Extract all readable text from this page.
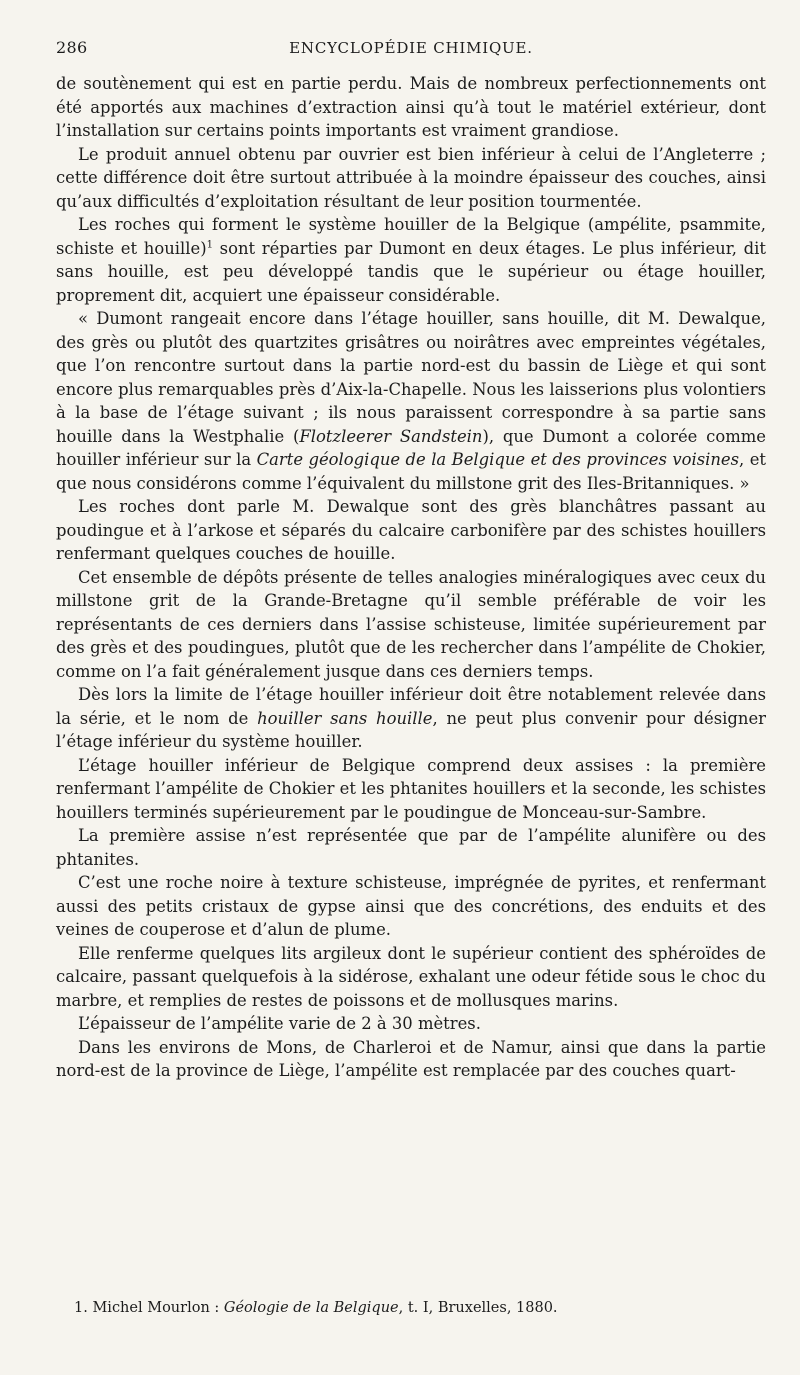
286	ENCYCLOPÉDIE CHIMIQUE.

de soutènement qui est en partie perdu. Mais de nombreux perfectionnements ont été apportés aux machines d’extraction ainsi qu’à tout le matériel extérieur, dont l’installation sur certains points importants est vraiment grandiose.

Le produit annuel obtenu par ouvrier est bien inférieur à celui de l’Angleterre ; cette différence doit être surtout attribuée à la moindre épaisseur des couches, ainsi qu’aux difficultés d’exploitation résultant de leur position tourmentée.

Les roches qui forment le système houiller de la Belgique (ampélite, psammite, schiste et houille)$^1$ sont réparties par Dumont en deux étages. Le plus inférieur, dit sans houille, est peu développé tandis que le supérieur ou étage houiller, proprement dit, acquiert une épaisseur considérable.

« Dumont rangeait encore dans l’étage houiller, sans houille, dit M. Dewalque, des grès ou plutôt des quartzites grisâtres ou noirâtres avec empreintes végétales, que l’on rencontre surtout dans la partie nord-est du bassin de Liège et qui sont encore plus remarquables près d’Aix-la-Chapelle. Nous les laisserions plus volontiers à la base de l’étage suivant ; ils nous paraissent correspondre à sa partie sans houille dans la Westphalie (Flotzleerer Sandstein), que Dumont a colorée comme houiller inférieur sur la Carte géologique de la Belgique et des provinces voisines, et que nous considérons comme l’équivalent du millstone grit des Iles-Britanniques. »

Les roches dont parle M. Dewalque sont des grès blanchâtres passant au poudingue et à l’arkose et séparés du calcaire carbonifère par des schistes houillers renfermant quelques couches de houille.

Cet ensemble de dépôts présente de telles analogies minéralogiques avec ceux du millstone grit de la Grande-Bretagne qu’il semble préférable de voir les représentants de ces derniers dans l’assise schisteuse, limitée supérieurement par des grès et des poudingues, plutôt que de les rechercher dans l’ampélite de Chokier, comme on l’a fait généralement jusque dans ces derniers temps.

Dès lors la limite de l’étage houiller inférieur doit être notablement relevée dans la série, et le nom de houiller sans houille, ne peut plus convenir pour désigner l’étage inférieur du système houiller.

L’étage houiller inférieur de Belgique comprend deux assises : la première renfermant l’ampélite de Chokier et les phtanites houillers et la seconde, les schistes houillers terminés supérieurement par le poudingue de Monceau-sur-Sambre.

La première assise n’est représentée que par de l’ampélite alunifère ou des phtanites.

C’est une roche noire à texture schisteuse, imprégnée de pyrites, et renfermant aussi des petits cristaux de gypse ainsi que des concrétions, des enduits et des veines de couperose et d’alun de plume.

Elle renferme quelques lits argileux dont le supérieur contient des sphéroïdes de calcaire, passant quelquefois à la sidérose, exhalant une odeur fétide sous le choc du marbre, et remplies de restes de poissons et de mollusques marins.

L’épaisseur de l’ampélite varie de 2 à 30 mètres.

Dans les environs de Mons, de Charleroi et de Namur, ainsi que dans la partie nord-est de la province de Liège, l’ampélite est remplacée par des couches quart-

1. Michel Mourlon : Géologie de la Belgique, t. I, Bruxelles, 1880.
